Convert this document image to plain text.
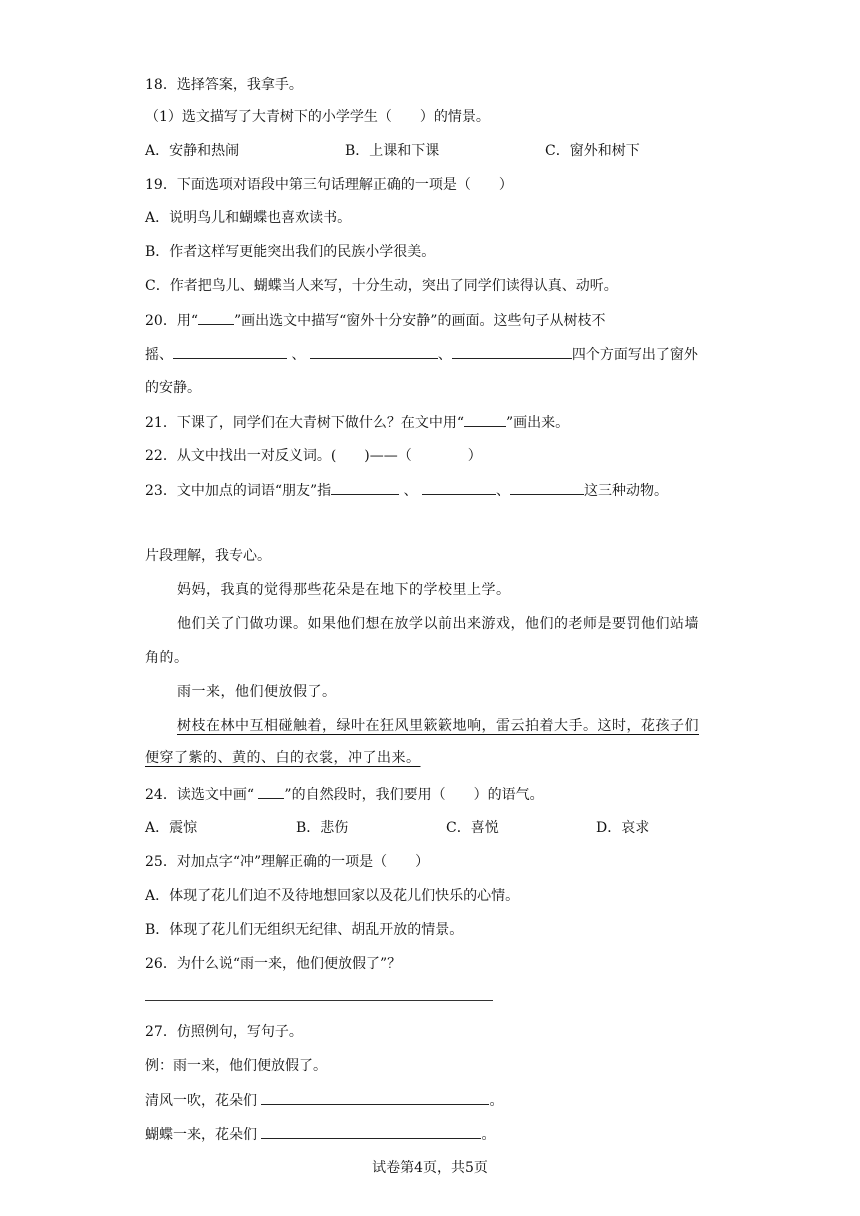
18．选择答案，我拿手。
（1）选文描写了大青树下的小学学生（　　）的情景。
A．安静和热闹	B．上课和下课	C．窗外和树下
19．下面选项对语段中第三句话理解正确的一项是（　　）
A．说明鸟儿和蝴蝶也喜欢读书。
B．作者这样写更能突出我们的民族小学很美。
C．作者把鸟儿、蝴蝶当人来写，十分生动，突出了同学们读得认真、动听。
20．用“	”画出选文中描写“窗外十分安静”的画面。这些句子从树枝不
摇、	、	、	四个方面写出了窗外
的安静。
21．下课了，同学们在大青树下做什么？在文中用“	”画出来。
22．从文中找出一对反义词。(　　)——（　　　　）
23．文中加点的词语“朋友”指	、	、	这三种动物。
片段理解，我专心。
妈妈，我真的觉得那些花朵是在地下的学校里上学。
他们关了门做功课。如果他们想在放学以前出来游戏，他们的老师是要罚他们站墙
角的。
雨一来，他们便放假了。
树枝在林中互相碰触着，绿叶在狂风里簌簌地响，雷云拍着大手。这时，花孩子们
便穿了紫的、黄的、白的衣裳，冲了出来。
24．读选文中画“ ”的自然段时，我们要用（　　）的语气。
A．震惊	B．悲伤	C．喜悦	D．哀求
25．对加点字“冲”理解正确的一项是（　　）
A．体现了花儿们迫不及待地想回家以及花儿们快乐的心情。
B．体现了花儿们无组织无纪律、胡乱开放的情景。
26．为什么说“雨一来，他们便放假了”？
27．仿照例句，写句子。
例：雨一来，他们便放假了。
清风一吹，花朵们	。
蝴蝶一来，花朵们	。
试卷第4页，共5页
